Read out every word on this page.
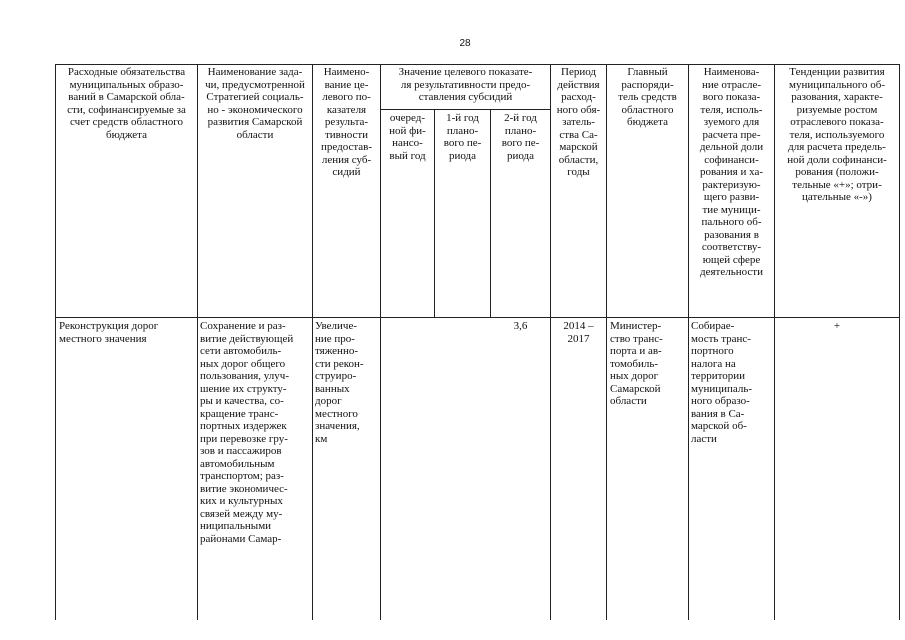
28
Расходные обязательства
муниципальных образо-
ваний в Самарской обла-
сти, софинансируемые за
счет средств областного
бюджета
Наименование зада-
чи, предусмотренной
Стратегией социаль-
но - экономического
развития Самарской
области
Наимено-
вание це-
левого по-
казателя
результа-
тивности
предостав-
ления суб-
сидий
Значение целевого показате-
ля результативности предо-
ставления субсидий
очеред-
ной фи-
нансо-
вый год
1-й год
плано-
вого пе-
риода
2-й год
плано-
вого пе-
риода
Период
действия
расход-
ного обя-
затель-
ства Са-
марской
области,
годы
Главный
распоряди-
тель средств
областного
бюджета
Наименова-
ние отрасле-
вого показа-
теля, исполь-
зуемого для
расчета пре-
дельной доли
софинанси-
рования и ха-
рактеризую-
щего разви-
тие муници-
пального об-
разования в
соответству-
ющей сфере
деятельности
Тенденции развития
муниципального об-
разования, характе-
ризуемые ростом
отраслевого показа-
теля, используемого
для расчета предель-
ной доли софинанси-
рования (положи-
тельные «+»; отри-
цательные «-»)
Реконструкция дорог
местного значения
Сохранение и раз-
витие действующей
сети автомобиль-
ных дорог общего
пользования, улуч-
шение их структу-
ры и качества, со-
кращение транс-
портных издержек
при перевозке гру-
зов и пассажиров
автомобильным
транспортом; раз-
витие экономичес-
ких и культурных
связей между му-
ниципальными
районами Самар-
Увеличе-
ние про-
тяженно-
сти рекон-
струиро-
ванных
дорог
местного
значения,
км
3,6	2014 –
2017
Министер-
ство транс-
порта и ав-
томобиль-
ных дорог
Самарской
области
Собирае-
мость транс-
портного
налога на
территории
муниципаль-
ного образо-
вания в Са-
марской об-
ласти
+
